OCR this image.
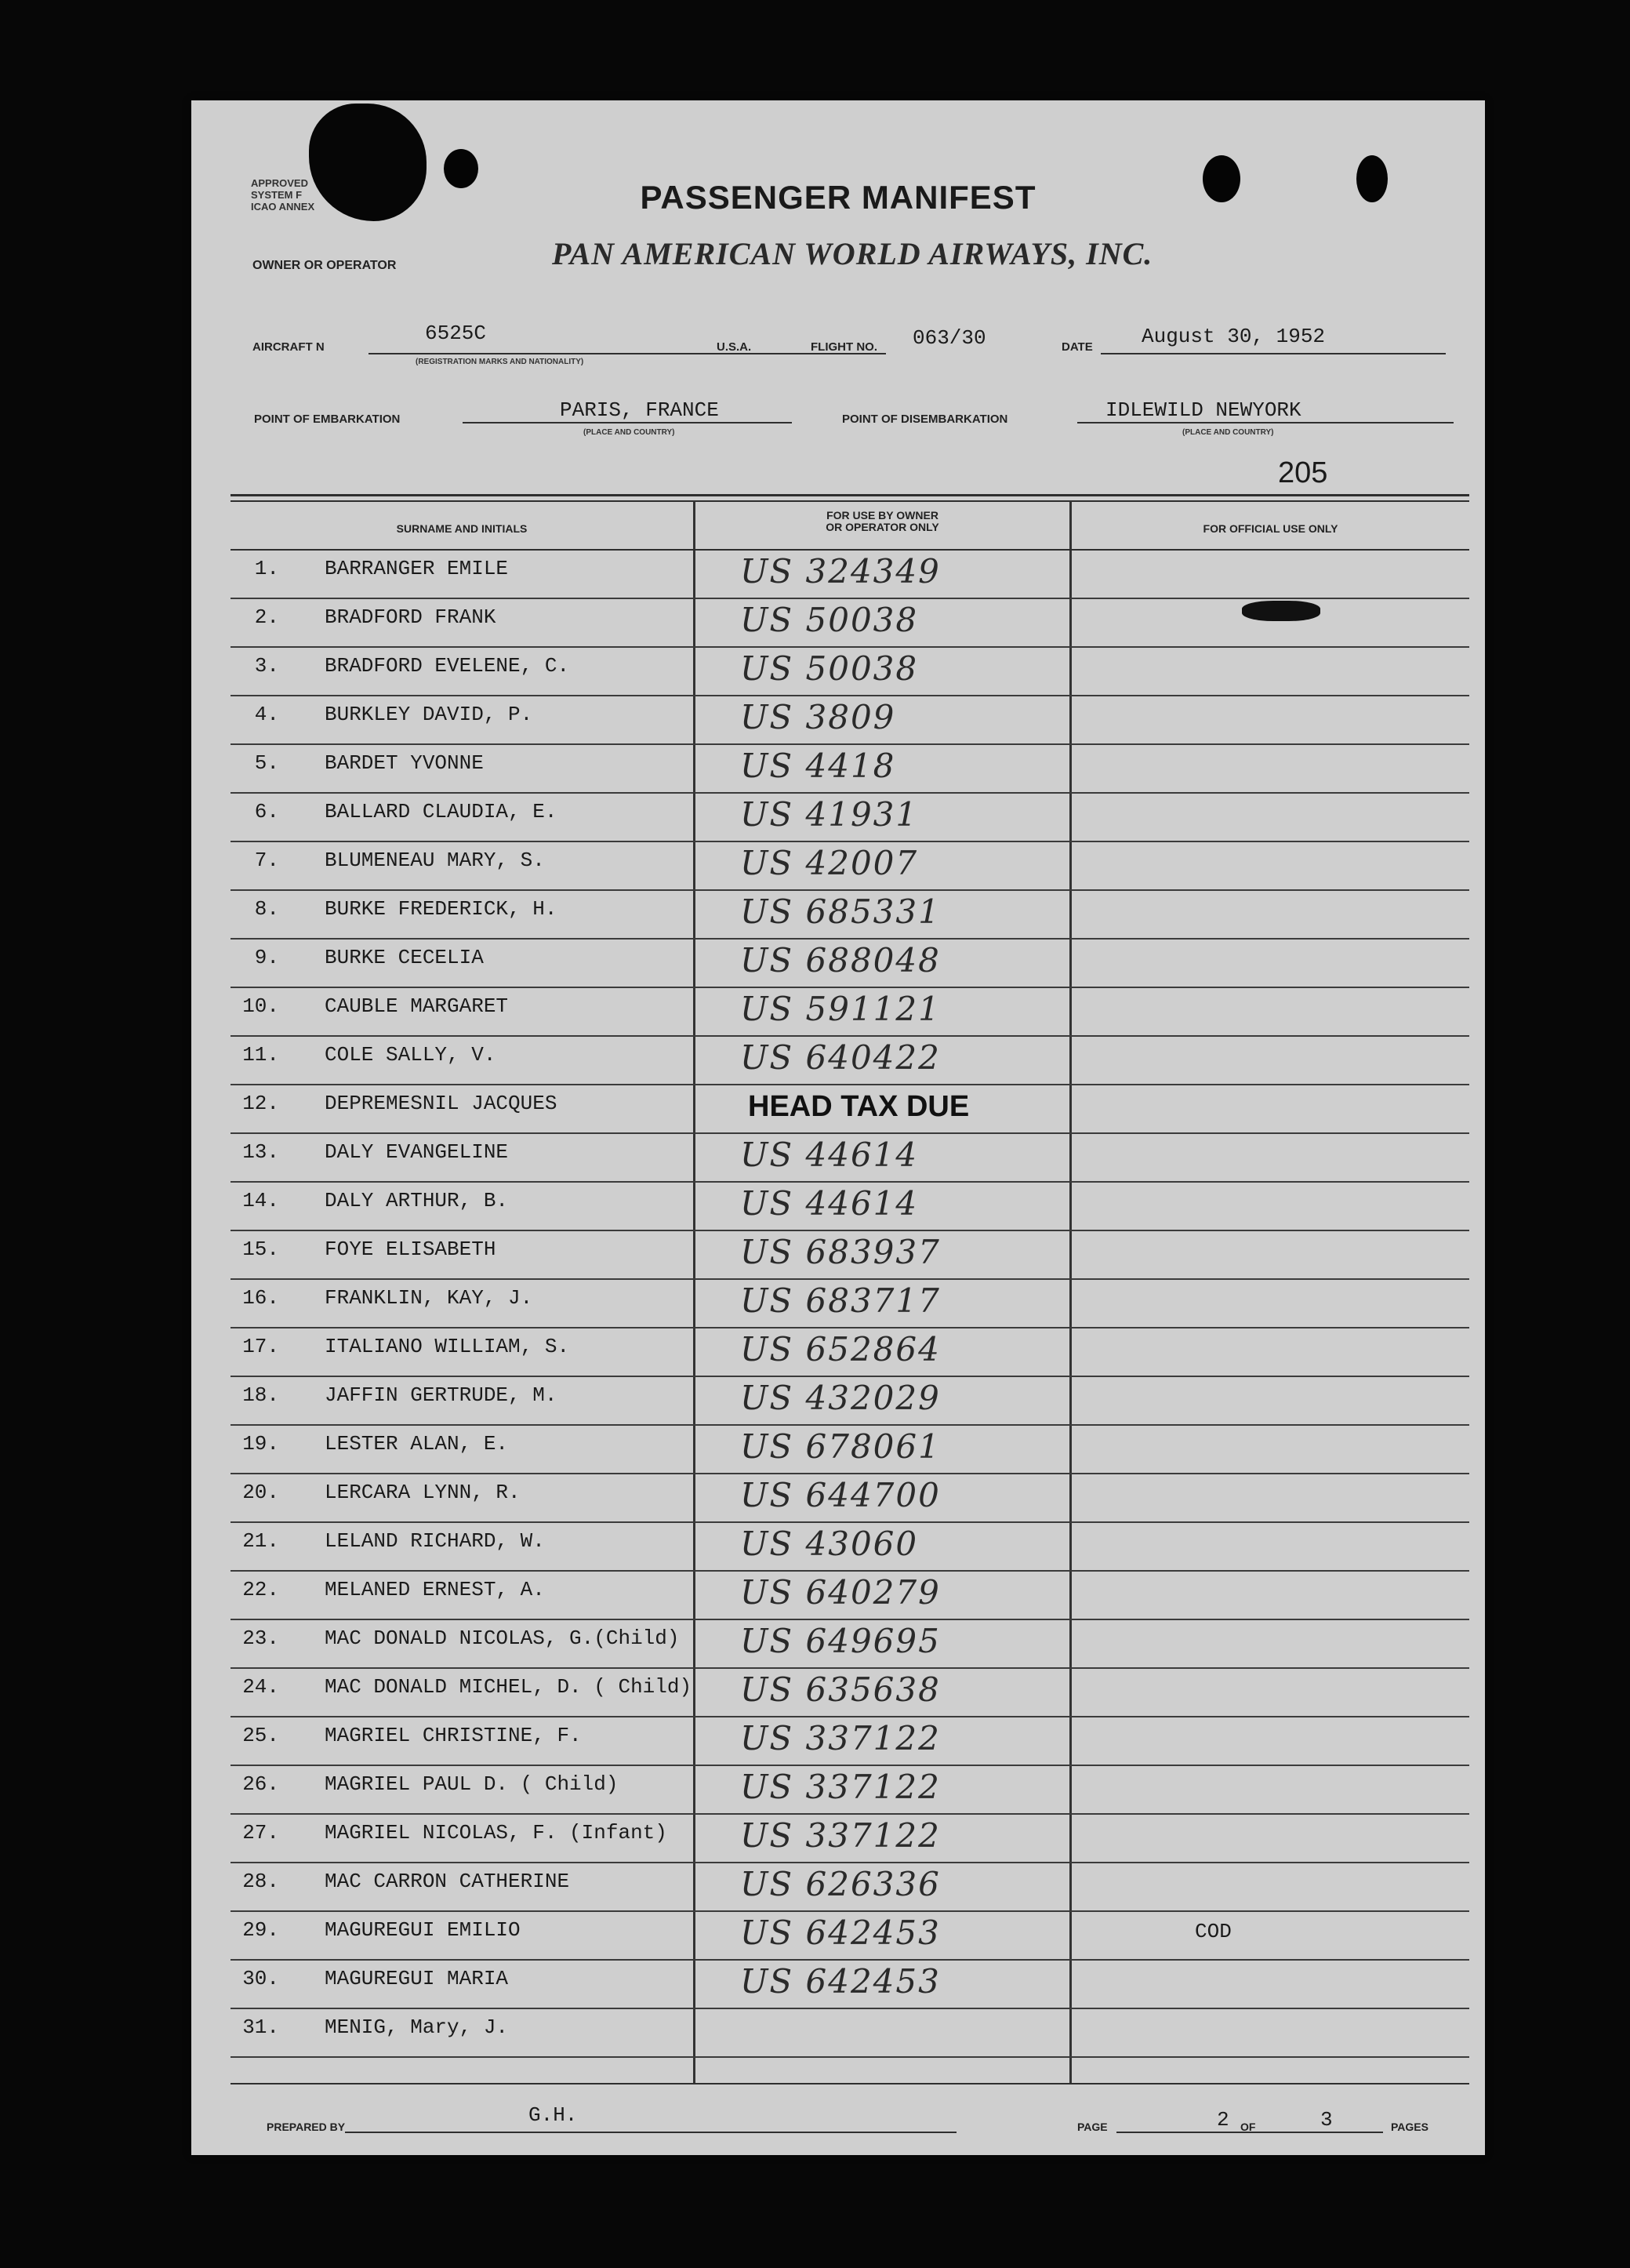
APPROVED
SYSTEM F
ICAO ANNEX	PASSENGER MANIFEST
OWNER OR OPERATOR	PAN AMERICAN WORLD AIRWAYS, INC.
AIRCRAFT N
6525C
(REGISTRATION MARKS AND NATIONALITY)
U.S.A.	FLIGHT NO. 063/30	DATE August 30, 1952
POINT OF EMBARKATION	PARIS, FRANCE
(PLACE AND COUNTRY)
POINT OF DISEMBARKATION	IDLEWILD NEWYORK
(PLACE AND COUNTRY)
205
SURNAME AND INITIALS
FOR USE BY OWNER
OR OPERATOR ONLY	FOR OFFICIAL USE ONLY
1. BARRANGER EMILE	US 324349
2. BRADFORD FRANK	US 50038
3. BRADFORD EVELENE, C.	US 50038
4. BURKLEY DAVID, P.	US 3809
5. BARDET YVONNE	US 4418
6. BALLARD CLAUDIA, E.	US 41931
7. BLUMENEAU MARY, S.	US 42007
8. BURKE FREDERICK, H.	US 685331
9. BURKE CECELIA	US 688048
10. CAUBLE MARGARET	US 591121
11. COLE SALLY, V.	US 640422
12. DEPREMESNIL JACQUES	HEAD TAX DUE
13. DALY EVANGELINE	US 44614
14. DALY ARTHUR, B.	US 44614
15. FOYE ELISABETH	US 683937
16. FRANKLIN, KAY, J.	US 683717
17. ITALIANO WILLIAM, S.	US 652864
18. JAFFIN GERTRUDE, M.	US 432029
19. LESTER ALAN, E.	US 678061
20. LERCARA LYNN, R.	US 644700
21. LELAND RICHARD, W.	US 43060
22. MELANED ERNEST, A.	US 640279
23. MAC DONALD NICOLAS, G.(Child) US 649695
24. MAC DONALD MICHEL, D. ( Child) US 635638
25. MAGRIEL CHRISTINE, F.	US 337122
26. MAGRIEL PAUL D. ( Child)	US 337122
27. MAGRIEL NICOLAS, F. (Infant) US 337122
28. MAC CARRON CATHERINE	US 626336
29. MAGUREGUI EMILIO	US 642453	COD
30. MAGUREGUI MARIA	US 642453
31. MENIG, Mary, J.
PREPARED BY	G.H.	PAGE	2 OF	3	PAGES
